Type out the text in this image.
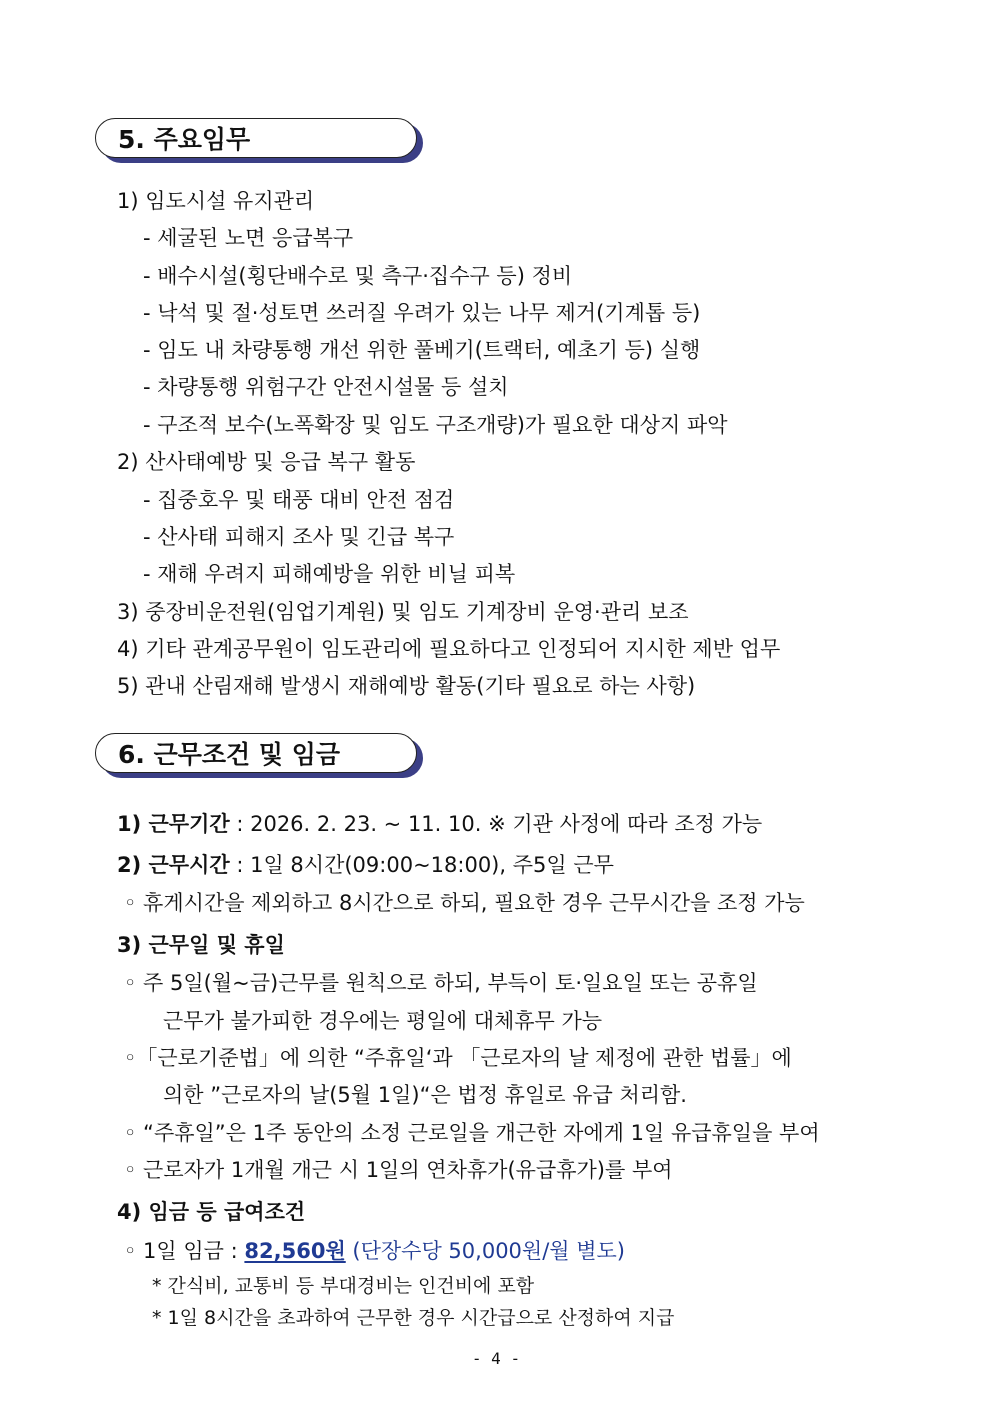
5. 주요임무
1) 임도시설 유지관리
- 세굴된 노면 응급복구
- 배수시설(횡단배수로 및 측구·집수구 등) 정비
- 낙석 및 절·성토면 쓰러질 우려가 있는 나무 제거(기계톱 등)
- 임도 내 차량통행 개선 위한 풀베기(트랙터, 예초기 등) 실행
- 차량통행 위험구간 안전시설물 등 설치
- 구조적 보수(노폭확장 및 임도 구조개량)가 필요한 대상지 파악
2) 산사태예방 및 응급 복구 활동
- 집중호우 및 태풍 대비 안전 점검
- 산사태 피해지 조사 및 긴급 복구
- 재해 우려지 피해예방을 위한 비닐 피복
3) 중장비운전원(임업기계원) 및 임도 기계장비 운영·관리 보조
4) 기타 관계공무원이 임도관리에 필요하다고 인정되어 지시한 제반 업무
5) 관내 산림재해 발생시 재해예방 활동(기타 필요로 하는 사항)
6. 근무조건 및 임금
1) 근무기간 : 2026. 2. 23. ~ 11. 10. ※ 기관 사정에 따라 조정 가능
2) 근무시간 : 1일 8시간(09:00~18:00), 주5일 근무
◦ 휴게시간을 제외하고 8시간으로 하되, 필요한 경우 근무시간을 조정 가능
3) 근무일 및 휴일
◦ 주 5일(월~금)근무를 원칙으로 하되, 부득이 토·일요일 또는 공휴일
근무가 불가피한 경우에는 평일에 대체휴무 가능
◦「근로기준법」에 의한 “주휴일‘과 「근로자의 날 제정에 관한 법률」에
의한 ”근로자의 날(5월 1일)“은 법정 휴일로 유급 처리함.
◦ “주휴일”은 1주 동안의 소정 근로일을 개근한 자에게 1일 유급휴일을 부여
◦ 근로자가 1개월 개근 시 1일의 연차휴가(유급휴가)를 부여
4) 임금 등 급여조건
◦ 1일 임금 : 82,560원 (단장수당 50,000원/월 별도)
* 간식비, 교통비 등 부대경비는 인건비에 포함
* 1일 8시간을 초과하여 근무한 경우 시간급으로 산정하여 지급
- 4 -
